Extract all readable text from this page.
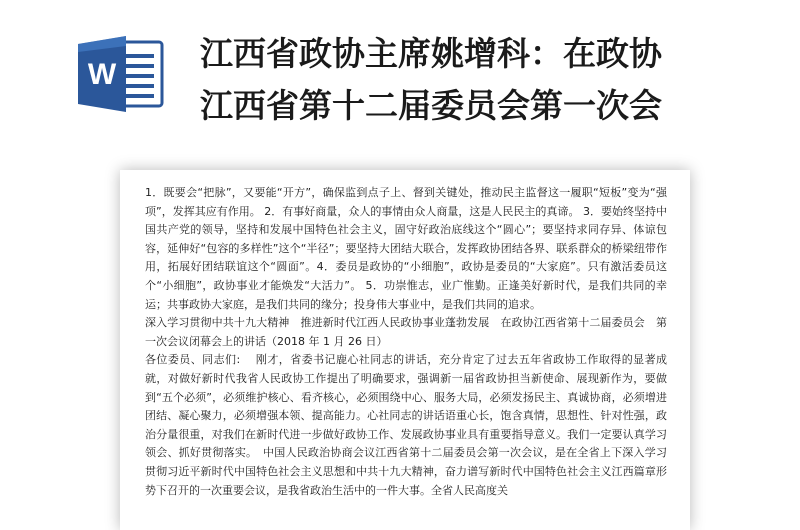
W
江西省政协主席姚增科：在政协
江西省第十二届委员会第一次会

1．既要会“把脉”，又要能“开方”，确保监到点子上、督到关键处，推动民主监督这一履职“短板”变为“强项”，发挥其应有作用。 2．有事好商量，众人的事情由众人商量，这是人民民主的真谛。 3．要始终坚持中国共产党的领导，坚持和发展中国特色社会主义，固守好政治底线这个“圆心”；要坚持求同存异、体谅包容，延伸好“包容的多样性”这个“半径”；要坚持大团结大联合，发挥政协团结各界、联系群众的桥梁纽带作用，拓展好团结联谊这个“圆面”。4．委员是政协的“小细胞”，政协是委员的“大家庭”。只有激活委员这个“小细胞”，政协事业才能焕发“大活力”。 5．功崇惟志，业广惟勤。正逢美好新时代，是我们共同的幸运；共事政协大家庭，是我们共同的缘分；投身伟大事业中，是我们共同的追求。

深入学习贯彻中共十九大精神　推进新时代江西人民政协事业蓬勃发展　在政协江西省第十二届委员会　第一次会议闭幕会上的讲话（2018 年 1 月 26 日）

各位委员、同志们:　 刚才，省委书记鹿心社同志的讲话，充分肯定了过去五年省政协工作取得的显著成就，对做好新时代我省人民政协工作提出了明确要求，强调新一届省政协担当新使命、展现新作为，要做到“五个必须”，必须维护核心、看齐核心，必须围绕中心、服务大局，必须发扬民主、真诚协商，必须增进团结、凝心聚力，必须增强本领、提高能力。心社同志的讲话语重心长，饱含真情，思想性、针对性强，政治分量很重，对我们在新时代进一步做好政协工作、发展政协事业具有重要指导意义。我们一定要认真学习领会、抓好贯彻落实。　中国人民政治协商会议江西省第十二届委员会第一次会议，是在全省上下深入学习贯彻习近平新时代中国特色社会主义思想和中共十九大精神，奋力谱写新时代中国特色社会主义江西篇章形势下召开的一次重要会议，是我省政治生活中的一件大事。全省人民高度关
